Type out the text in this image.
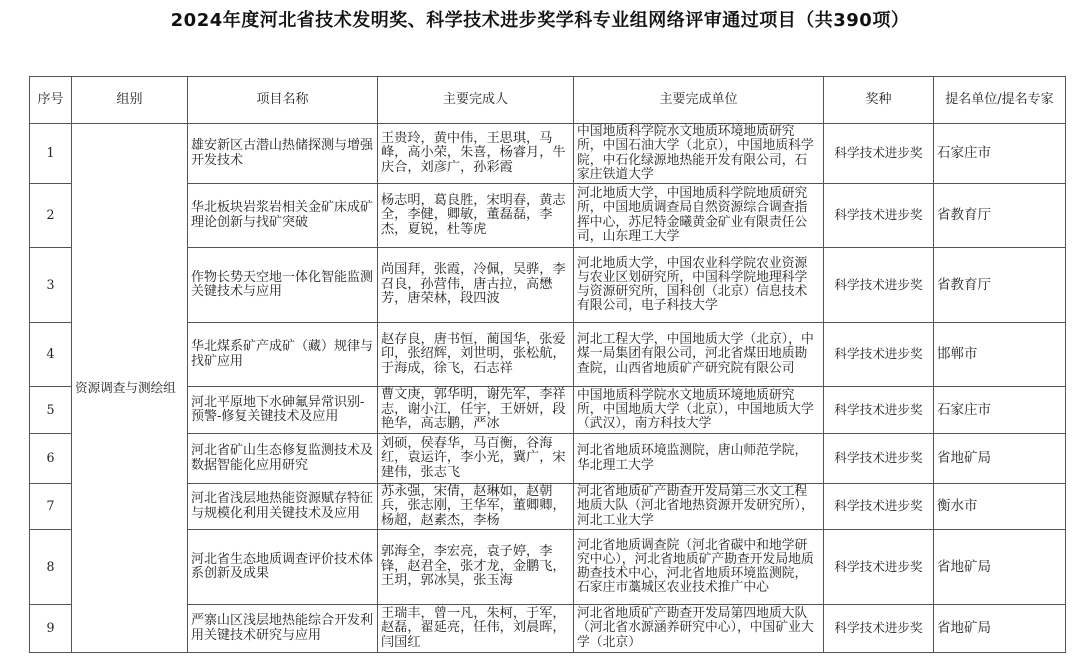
2024年度河北省技术发明奖、科学技术进步奖学科专业组网络评审通过项目（共390项）
序号	组别	项目名称	主要完成人	主要完成单位	奖种	提名单位/提名专家
1	资源调查与测绘组	雄安新区古潜山热储探测与增强开发技术	王贵玲，黄中伟，王思琪，马峰，高小荣，朱喜，杨睿月，牛庆合，刘彦广，孙彩霞	中国地质科学院水文地质环境地质研究所，中国石油大学（北京），中国地质科学院，中石化绿源地热能开发有限公司，石家庄铁道大学	科学技术进步奖	石家庄市
2		华北板块岩浆岩相关金矿床成矿理论创新与找矿突破	杨志明，葛良胜，宋明春，黄志全，李健，卿敏，董磊磊，李杰，夏锐，杜等虎	河北地质大学，中国地质科学院地质研究所，中国地质调查局自然资源综合调查指挥中心，苏尼特金曦黄金矿业有限责任公司，山东理工大学	科学技术进步奖	省教育厅
3		作物长势天空地一体化智能监测关键技术与应用	尚国拜，张霞，冷佩，吴骅，李召良，孙营伟，唐古拉，高懋芳，唐荣林，段四波	河北地质大学，中国农业科学院农业资源与农业区划研究所，中国科学院地理科学与资源研究所，国科创（北京）信息技术有限公司，电子科技大学	科学技术进步奖	省教育厅
4		华北煤系矿产成矿（藏）规律与找矿应用	赵存良，唐书恒，蔺国华，张爱印，张绍辉，刘世明，张松航，于海成，徐飞，石志祥	河北工程大学，中国地质大学（北京），中煤一局集团有限公司，河北省煤田地质勘查院，山西省地质矿产研究院有限公司	科学技术进步奖	邯郸市
5		河北平原地下水砷氟异常识别-预警-修复关键技术及应用	曹文庚，郭华明，谢先军，李祥志，谢小江，任宇，王妍妍，段艳华，高志鹏，严冰	中国地质科学院水文地质环境地质研究所，中国地质大学（北京），中国地质大学（武汉），南方科技大学	科学技术进步奖	石家庄市
6		河北省矿山生态修复监测技术及数据智能化应用研究	刘硕，侯春华，马百衡，谷海红，袁运许，李小光，冀广，宋建伟，张志飞	河北省地质环境监测院，唐山师范学院，华北理工大学	科学技术进步奖	省地矿局
7		河北省浅层地热能资源赋存特征与规模化利用关键技术及应用	苏永强，宋倩，赵琳如，赵朝兵，张志刚，王华军，董卿卿，杨超，赵素杰，李杨	河北省地质矿产勘查开发局第三水文工程地质大队（河北省地热资源开发研究所），河北工业大学	科学技术进步奖	衡水市
8		河北省生态地质调查评价技术体系创新及成果	郭海全，李宏亮，袁子婷，李锋，赵君全，张才龙，金鹏飞，王玥，郭冰昊，张玉海	河北省地质调查院（河北省碳中和地学研究中心），河北省地质矿产勘查开发局地质勘查技术中心，河北省地质环境监测院，石家庄市藁城区农业技术推广中心	科学技术进步奖	省地矿局
9		严寨山区浅层地热能综合开发利用关键技术研究与应用	王瑞丰，曾一凡，朱柯，于军，赵磊，翟延亮，任伟，刘晨晖，闫国红	河北省地质矿产勘查开发局第四地质大队（河北省水源涵养研究中心），中国矿业大学（北京）	科学技术进步奖	省地矿局
